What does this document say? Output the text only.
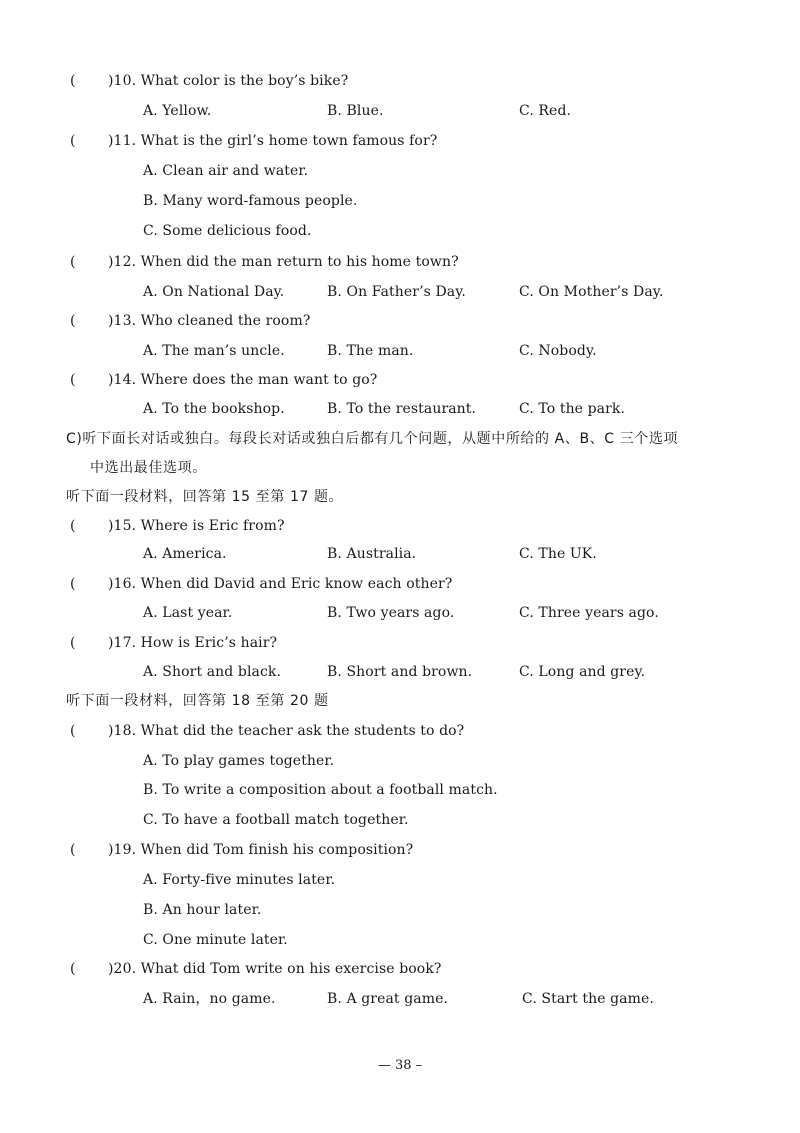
( )10. What color is the boy’s bike?
A. Yellow.	B. Blue.	C. Red.
( )11. What is the girl’s home town famous for?
A. Clean air and water.
B. Many word-famous people.
C. Some delicious food.
( )12. When did the man return to his home town?
A. On National Day.	B. On Father’s Day.	C. On Mother’s Day.
( )13. Who cleaned the room?
A. The man’s uncle.	B. The man.	C. Nobody.
( )14. Where does the man want to go?
A. To the bookshop.	B. To the restaurant.	C. To the park.
C)听下面长对话或独白。每段长对话或独白后都有几个问题，从题中所给的 A、B、C 三个选项
中选出最佳选项。
听下面一段材料，回答第 15 至第 17 题。
( )15. Where is Eric from?
A. America.	B. Australia.	C. The UK.
( )16. When did David and Eric know each other?
A. Last year.	B. Two years ago.	C. Three years ago.
( )17. How is Eric’s hair?
A. Short and black.	B. Short and brown.	C. Long and grey.
听下面一段材料，回答第 18 至第 20 题
( )18. What did the teacher ask the students to do?
A. To play games together.
B. To write a composition about a football match.
C. To have a football match together.
( )19. When did Tom finish his composition?
A. Forty-five minutes later.
B. An hour later.
C. One minute later.
( )20. What did Tom write on his exercise book?
A. Rain，no game.	B. A great game.	C. Start the game.
— 38 –
